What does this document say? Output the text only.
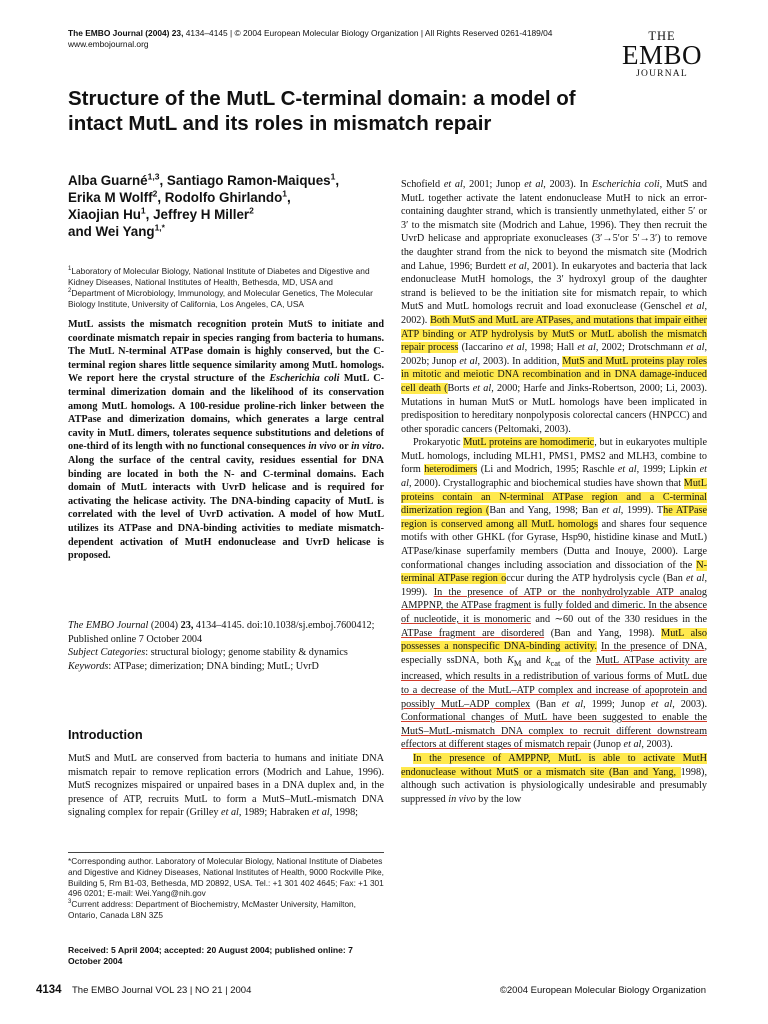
The EMBO Journal (2004) 23, 4134–4145 | © 2004 European Molecular Biology Organization | All Rights Reserved 0261-4189/04
www.embojournal.org
THE
EMBO
JOURNAL
Structure of the MutL C-terminal domain: a model of intact MutL and its roles in mismatch repair
Alba Guarné$^{1,3}$, Santiago Ramon-Maiques$^1$,
Erika M Wolff$^2$, Rodolfo Ghirlando$^1$,
Xiaojian Hu$^1$, Jeffrey H Miller$^2$
and Wei Yang$^{1,*}$
$^1$Laboratory of Molecular Biology, National Institute of Diabetes and Digestive and Kidney Diseases, National Institutes of Health, Bethesda, MD, USA and $^2$Department of Microbiology, Immunology, and Molecular Genetics, The Molecular Biology Institute, University of California, Los Angeles, CA, USA

MutL assists the mismatch recognition protein MutS to initiate and coordinate mismatch repair in species ranging from bacteria to humans. The MutL N-terminal ATPase domain is highly conserved, but the C-terminal region shares little sequence similarity among MutL homologs. We report here the crystal structure of the Escherichia coli MutL C-terminal dimerization domain and the likelihood of its conservation among MutL homologs. A 100-residue proline-rich linker between the ATPase and dimerization domains, which generates a large central cavity in MutL dimers, tolerates sequence substitutions and deletions of one-third of its length with no functional consequences in vivo or in vitro. Along the surface of the central cavity, residues essential for DNA binding are located in both the N- and C-terminal domains. Each domain of MutL interacts with UvrD helicase and is required for activating the helicase activity. The DNA-binding capacity of MutL is correlated with the level of UvrD activation. A model of how MutL utilizes its ATPase and DNA-binding activities to mediate mismatch-dependent activation of MutH endonuclease and UvrD helicase is proposed.

The EMBO Journal (2004) 23, 4134–4145. doi:10.1038/sj.emboj.7600412; Published online 7 October 2004
Subject Categories: structural biology; genome stability & dynamics
Keywords: ATPase; dimerization; DNA binding; MutL; UvrD
Introduction

MutS and MutL are conserved from bacteria to humans and initiate DNA mismatch repair to remove replication errors (Modrich and Lahue, 1996). MutS recognizes mispaired or unpaired bases in a DNA duplex and, in the presence of ATP, recruits MutL to form a MutS–MutL-mismatch DNA signaling complex for repair (Grilley et al, 1989; Habraken et al, 1998;

*Corresponding author. Laboratory of Molecular Biology, National Institute of Diabetes and Digestive and Kidney Diseases, National Institutes of Health, 9000 Rockville Pike, Building 5, Rm B1-03, Bethesda, MD 20892, USA. Tel.: +1 301 402 4645; Fax: +1 301 496 0201; E-mail: Wei.Yang@nih.gov
$^3$Current address: Department of Biochemistry, McMaster University, Hamilton, Ontario, Canada L8N 3Z5
Received: 5 April 2004; accepted: 20 August 2004; published online: 7 October 2004

Schofield et al, 2001; Junop et al, 2003). In Escherichia coli, MutS and MutL together activate the latent endonuclease MutH to nick an error-containing daughter strand, which is transiently unmethylated, either 5′ or 3′ to the mismatch site (Modrich and Lahue, 1996). They then recruit the UvrD helicase and appropriate exonucleases (3′→5′or 5′→3′) to remove the daughter strand from the nick to beyond the mismatch site (Modrich and Lahue, 1996; Burdett et al, 2001). In eukaryotes and bacteria that lack endonuclease MutH homologs, the 3′ hydroxyl group of the daughter strand is believed to be the initiation site for mismatch repair, to which MutS and MutL homologs recruit and load exonuclease (Genschel et al, 2002). Both MutS and MutL are ATPases, and mutations that impair either ATP binding or ATP hydrolysis by MutS or MutL abolish the mismatch repair process (Iaccarino et al, 1998; Hall et al, 2002; Drotschmann et al, 2002b; Junop et al, 2003). In addition, MutS and MutL proteins play roles in mitotic and meiotic DNA recombination and in DNA damage-induced cell death (Borts et al, 2000; Harfe and Jinks-Robertson, 2000; Li, 2003). Mutations in human MutS or MutL homologs have been implicated in predisposition to hereditary nonpolyposis colorectal cancers (HNPCC) and other sporadic cancers (Peltomaki, 2003).

Prokaryotic MutL proteins are homodimeric, but in eukaryotes multiple MutL homologs, including MLH1, PMS1, PMS2 and MLH3, combine to form heterodimers (Li and Modrich, 1995; Raschle et al, 1999; Lipkin et al, 2000). Crystallographic and biochemical studies have shown that MutL proteins contain an N-terminal ATPase region and a C-terminal dimerization region (Ban and Yang, 1998; Ban et al, 1999). The ATPase region is conserved among all MutL homologs and shares four sequence motifs with other GHKL (for Gyrase, Hsp90, histidine kinase and MutL) ATPase/kinase superfamily members (Dutta and Inouye, 2000). Large conformational changes including association and dissociation of the N-terminal ATPase region occur during the ATP hydrolysis cycle (Ban et al, 1999). In the presence of ATP or the nonhydrolyzable ATP analog AMPPNP, the ATPase fragment is fully folded and dimeric. In the absence of nucleotide, it is monomeric and ∼60 out of the 330 residues in the ATPase fragment are disordered (Ban and Yang, 1998). MutL also possesses a nonspecific DNA-binding activity. In the presence of DNA, especially ssDNA, both $K_M$ and $k_{cat}$ of the MutL ATPase activity are increased, which results in a redistribution of various forms of MutL due to a decrease of the MutL–ATP complex and increase of apoprotein and possibly MutL–ADP complex (Ban et al, 1999; Junop et al, 2003). Conformational changes of MutL have been suggested to enable the MutS–MutL-mismatch DNA complex to recruit different downstream effectors at different stages of mismatch repair (Junop et al, 2003).

In the presence of AMPPNP, MutL is able to activate MutH endonuclease without MutS or a mismatch site (Ban and Yang, 1998), although such activation is physiologically undesirable and presumably suppressed in vivo by the low

4134 The EMBO Journal VOL 23 | NO 21 | 2004	©2004 European Molecular Biology Organization
